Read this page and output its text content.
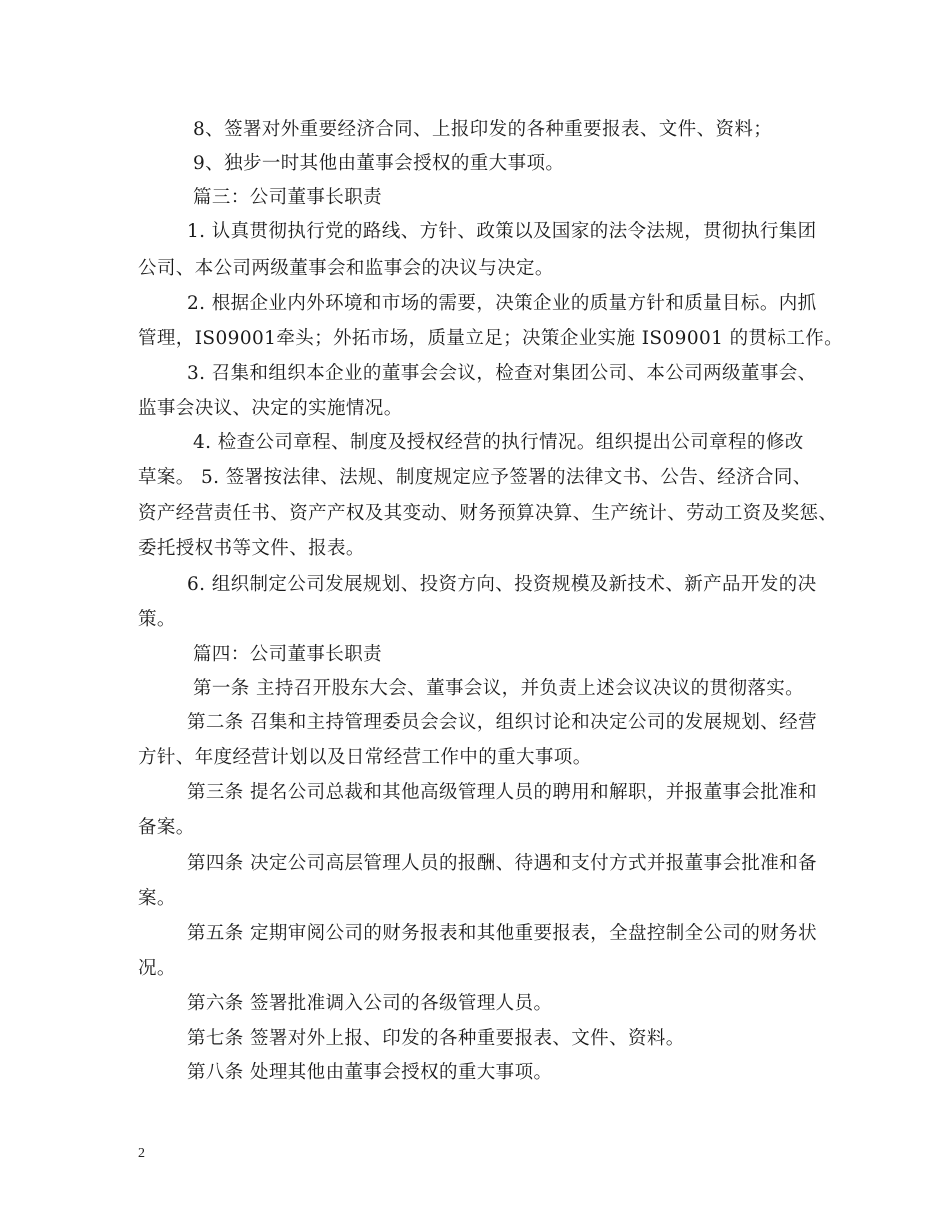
8、签署对外重要经济合同、上报印发的各种重要报表、文件、资料；
9、独步一时其他由董事会授权的重大事项。
篇三：公司董事长职责
1. 认真贯彻执行党的路线、方针、政策以及国家的法令法规，贯彻执行集团
公司、本公司两级董事会和监事会的决议与决定。
2. 根据企业内外环境和市场的需要，决策企业的质量方针和质量目标。内抓
管理，IS09001牵头；外拓市场，质量立足；决策企业实施 IS09001 的贯标工作。
3. 召集和组织本企业的董事会会议，检查对集团公司、本公司两级董事会、
监事会决议、决定的实施情况。
4. 检查公司章程、制度及授权经营的执行情况。组织提出公司章程的修改
草案。 5. 签署按法律、法规、制度规定应予签署的法律文书、公告、经济合同、
资产经营责任书、资产产权及其变动、财务预算决算、生产统计、劳动工资及奖惩、
委托授权书等文件、报表。
6. 组织制定公司发展规划、投资方向、投资规模及新技术、新产品开发的决
策。
篇四：公司董事长职责
第一条 主持召开股东大会、董事会议，并负责上述会议决议的贯彻落实。
第二条 召集和主持管理委员会会议，组织讨论和决定公司的发展规划、经营
方针、年度经营计划以及日常经营工作中的重大事项。
第三条 提名公司总裁和其他高级管理人员的聘用和解职，并报董事会批准和
备案。
第四条 决定公司高层管理人员的报酬、待遇和支付方式并报董事会批准和备
案。
第五条 定期审阅公司的财务报表和其他重要报表，全盘控制全公司的财务状
况。
第六条 签署批准调入公司的各级管理人员。
第七条 签署对外上报、印发的各种重要报表、文件、资料。
第八条 处理其他由董事会授权的重大事项。
2
